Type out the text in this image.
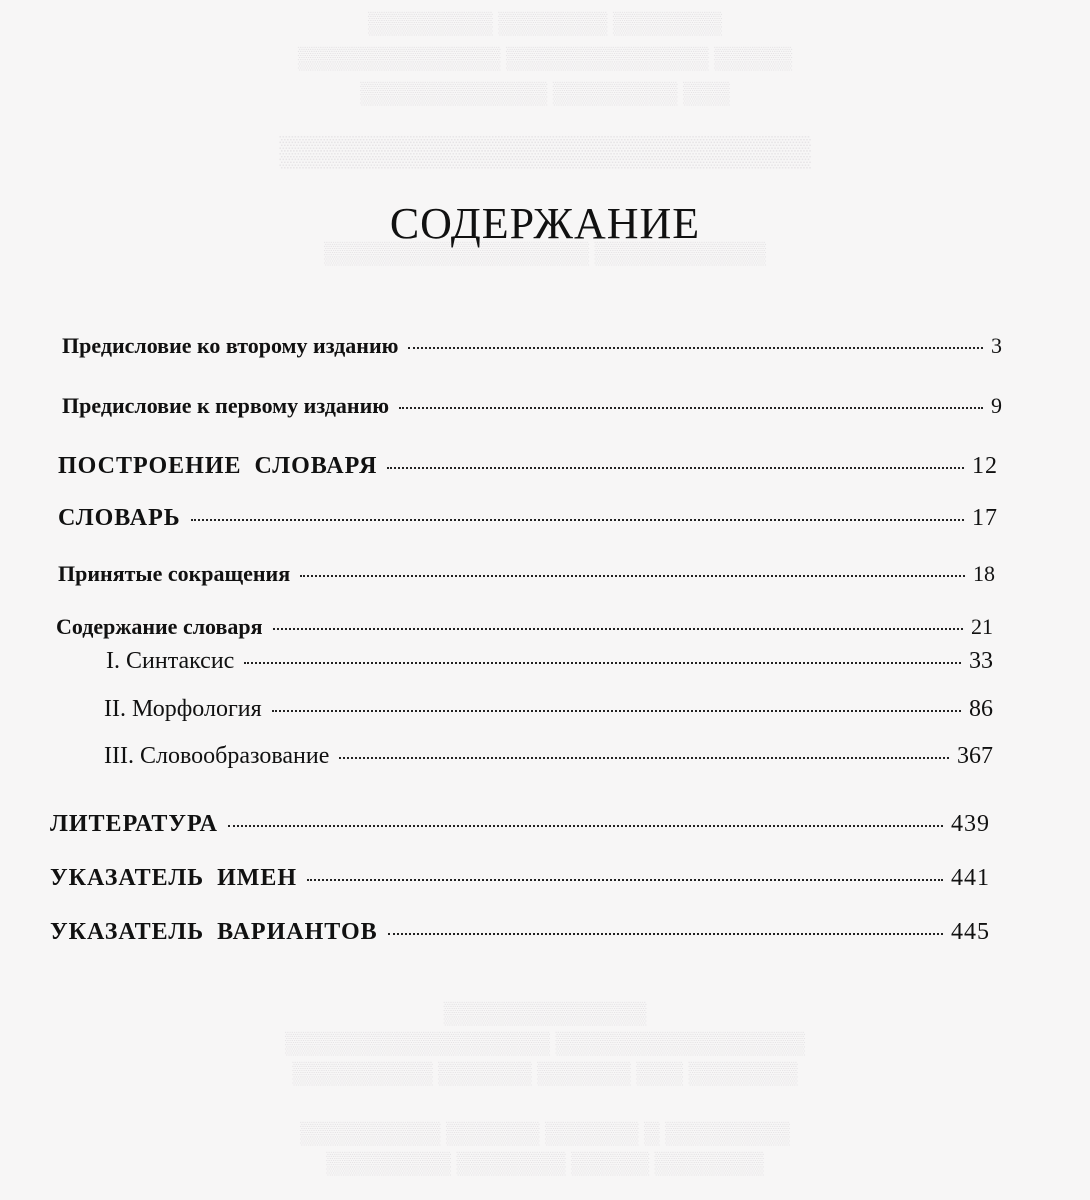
▒▒▒▒▒▒▒ ▒▒▒▒▒▒▒ ▒▒▒▒▒▒▒▒
▒▒▒▒▒ ▒▒▒▒▒▒▒▒▒▒▒▒▒ ▒▒▒▒▒▒▒▒▒▒▒▒▒
▒▒▒ ▒▒▒▒▒▒▒▒ ▒▒▒▒▒▒▒▒▒▒▒▒
▒▒▒▒▒▒▒▒▒▒▒▒▒▒▒▒▒▒▒▒▒▒▒▒▒
▒▒▒▒▒▒▒▒▒▒▒ ▒▒▒▒▒▒▒▒▒▒▒▒▒▒▒▒▒
▒▒▒▒▒▒▒▒▒▒▒▒▒
▒▒▒▒▒▒▒▒▒▒▒▒▒▒▒▒ ▒▒▒▒▒▒▒▒▒▒▒▒▒▒▒▒▒
▒▒▒▒▒▒▒ ▒▒▒ ▒▒▒▒▒▒ ▒▒▒▒▒▒ ▒▒▒▒▒▒▒▒▒
▒▒▒▒▒▒▒▒ ▒ ▒▒▒▒▒▒ ▒▒▒▒▒▒ ▒▒▒▒▒▒▒▒▒
▒▒▒▒▒▒▒ ▒▒▒▒▒ ▒▒▒▒▒▒▒ ▒▒▒▒▒▒▒▒
СОДЕРЖАНИЕ
Предисловие ко второму изданию	3
Предисловие к первому изданию	9
ПОСТРОЕНИЕ СЛОВАРЯ	12
СЛОВАРЬ	17
Принятые сокращения	18
Содержание словаря	21
I. Синтаксис	33
II. Морфология	86
III. Словообразование	367
ЛИТЕРАТУРА	439
УКАЗАТЕЛЬ ИМЕН	441
УКАЗАТЕЛЬ ВАРИАНТОВ	445
